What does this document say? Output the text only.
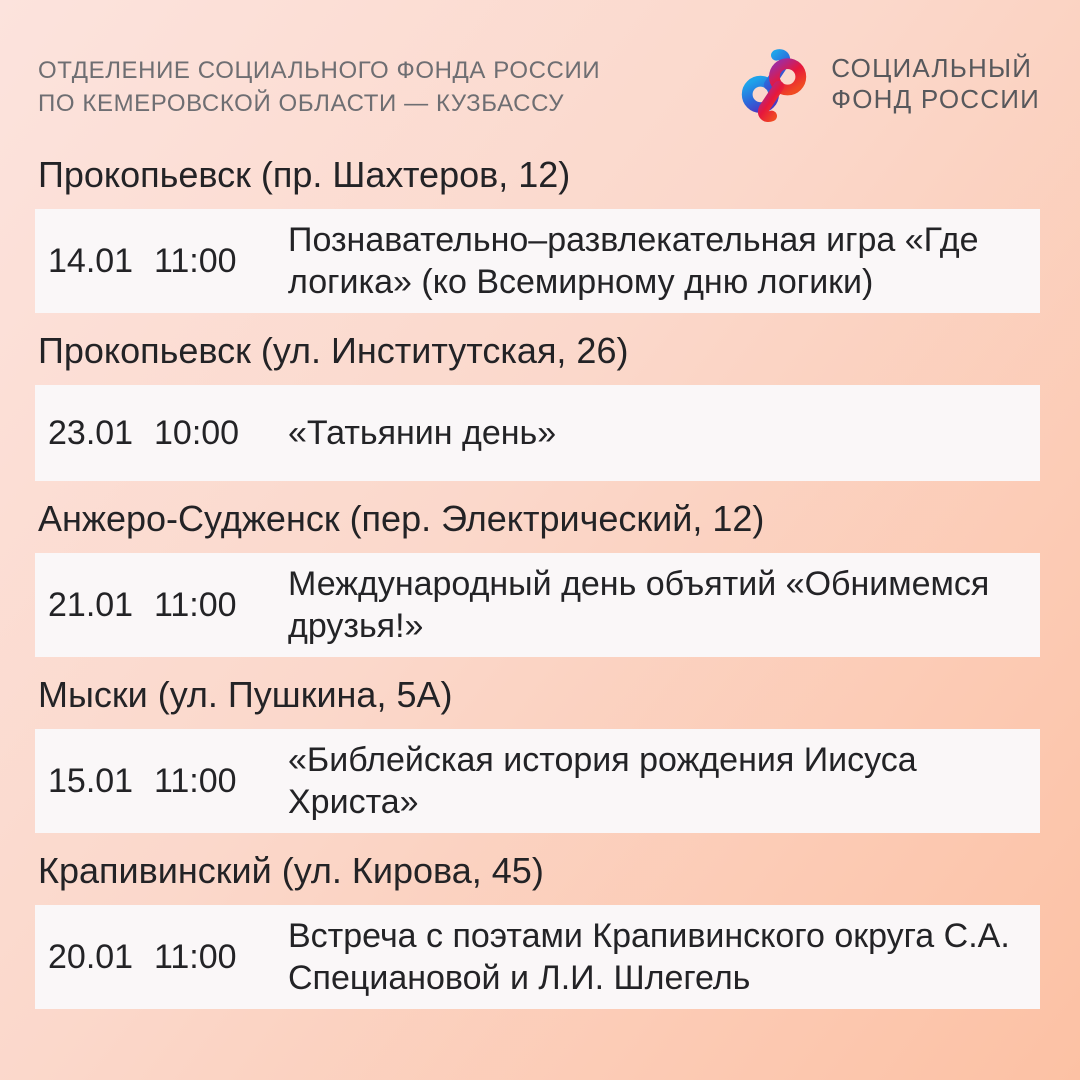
ОТДЕЛЕНИЕ СОЦИАЛЬНОГО ФОНДА РОССИИ
ПО КЕМЕРОВСКОЙ ОБЛАСТИ — КУЗБАССУ
СОЦИАЛЬНЫЙ
ФОНД РОССИИ
Прокопьевск (пр. Шахтеров, 12)
14.01 11:00
Познавательно–развлекательная игра «Где логика» (ко Всемирному дню логики)
Прокопьевск (ул. Институтская, 26)
23.01 10:00	«Татьянин день»
Анжеро-Судженск (пер. Электрический, 12)
21.01 11:00
Международный день объятий «Обнимемся друзья!»
Мыски (ул. Пушкина, 5А)
15.01 11:00
«Библейская история рождения Иисуса Христа»
Крапивинский (ул. Кирова, 45)
20.01 11:00
Встреча с поэтами Крапивинского округа С.А. Специановой и Л.И. Шлегель
